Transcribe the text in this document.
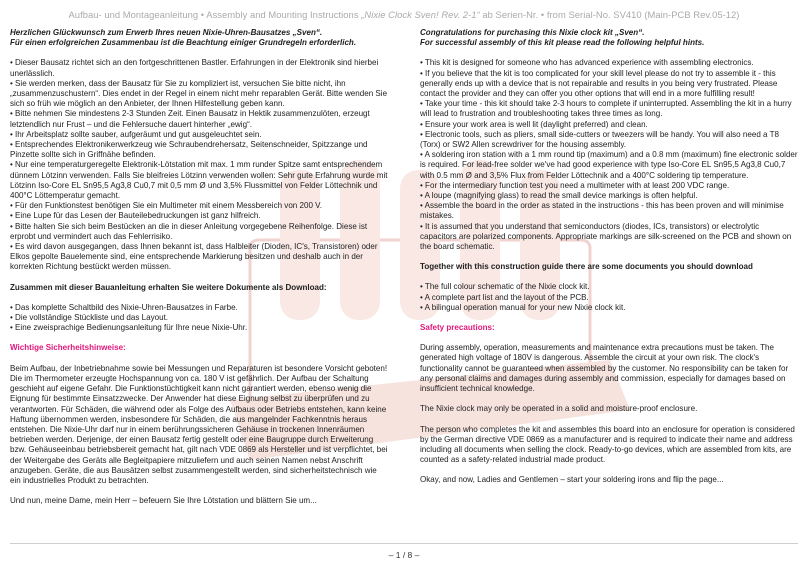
Aufbau- und Montageanleitung • Assembly and Mounting Instructions „Nixie Clock Sven! Rev. 2-1“ ab Serien-Nr. • from Serial-No. SV410 (Main-PCB Rev.05-12)
Herzlichen Glückwunsch zum Erwerb Ihres neuen Nixie-Uhren-Bausatzes „Sven“.
Für einen erfolgreichen Zusammenbau ist die Beachtung einiger Grundregeln erforderlich.
• Dieser Bausatz richtet sich an den fortgeschrittenen Bastler. Erfahrungen in der Elektronik sind hierbei unerlässlich.
• Sie werden merken, dass der Bausatz für Sie zu kompliziert ist, versuchen Sie bitte nicht, ihn „zusammenzuschustern“. Dies endet in der Regel in einem nicht mehr reparablen Gerät. Bitte wenden Sie sich so früh wie möglich an den Anbieter, der Ihnen Hilfestellung geben kann.
• Bitte nehmen Sie mindestens 2-3 Stunden Zeit. Einen Bausatz in Hektik zusammenzulöten, erzeugt letztendlich nur Frust – und die Fehlersuche dauert hinterher „ewig“.
• Ihr Arbeitsplatz sollte sauber, aufgeräumt und gut ausgeleuchtet sein.
• Entsprechendes Elektronikerwerkzeug wie Schraubendrehersatz, Seitenschneider, Spitzzange und Pinzette sollte sich in Griffnähe befinden.
• Nur eine temperaturgeregelte Elektronik-Lötstation mit max. 1 mm runder Spitze samt entsprechendem dünnem Lötzinn verwenden. Falls Sie bleifreies Lötzinn verwenden wollen: Sehr gute Erfahrung wurde mit Lötzinn Iso-Core EL Sn95,5 Ag3,8 Cu0,7 mit 0,5 mm Ø und 3,5% Flussmittel von Felder Löttechnik und 400°C Löttemperatur gemacht.
• Für den Funktionstest benötigen Sie ein Multimeter mit einem Messbereich von 200 V.
• Eine Lupe für das Lesen der Bauteilebedruckungen ist ganz hilfreich.
• Bitte halten Sie sich beim Bestücken an die in dieser Anleitung vorgegebene Reihenfolge. Diese ist erprobt und vermindert auch das Fehlerrisiko.
• Es wird davon ausgegangen, dass Ihnen bekannt ist, dass Halbleiter (Dioden, IC's, Transistoren) oder Elkos gepolte Bauelemente sind, eine entsprechende Markierung besitzen und deshalb auch in der korrekten Richtung bestückt werden müssen.
Zusammen mit dieser Bauanleitung erhalten Sie weitere Dokumente als Download:
• Das komplette Schaltbild des Nixie-Uhren-Bausatzes in Farbe.
• Die vollständige Stückliste und das Layout.
• Eine zweisprachige Bedienungsanleitung für Ihre neue Nixie-Uhr.
Wichtige Sicherheitshinweise:
Beim Aufbau, der Inbetriebnahme sowie bei Messungen und Reparaturen ist besondere Vorsicht geboten! Die im Thermometer erzeugte Hochspannung von ca. 180 V ist gefährlich. Der Aufbau der Schaltung geschieht auf eigene Gefahr. Die Funktionstüchtigkeit kann nicht garantiert werden, ebenso wenig die Eignung für bestimmte Einsatzzwecke. Der Anwender hat diese Eignung selbst zu überprüfen und zu verantworten. Für Schäden, die während oder als Folge des Aufbaus oder Betriebs entstehen, kann keine Haftung übernommen werden, insbesondere für Schäden, die aus mangelnder Fachkenntnis heraus entstehen. Die Nixie-Uhr darf nur in einem berührungssicheren Gehäuse in trockenen Innenräumen betrieben werden. Derjenige, der einen Bausatz fertig gestellt oder eine Baugruppe durch Erweiterung bzw. Gehäuseeinbau betriebsbereit gemacht hat, gilt nach VDE 0869 als Hersteller und ist verpflichtet, bei der Weitergabe des Geräts alle Begleitpapiere mitzuliefern und auch seinen Namen nebst Anschrift anzugeben. Geräte, die aus Bausätzen selbst zusammengestellt werden, sind sicherheitstechnisch wie ein industrielles Produkt zu betrachten.
Und nun, meine Dame, mein Herr – befeuern Sie Ihre Lötstation und blättern Sie um...
Congratulations for purchasing this Nixie clock kit „Sven“.
For successful assembly of this kit please read the following helpful hints.
• This kit is designed for someone who has advanced experience with assembling electronics.
• If you believe that the kit is too complicated for your skill level please do not try to assemble it - this generally ends up with a device that is not repairable and results in you being very frustrated. Please contact the provider and they can offer you other options that will end in a more fulfilling result!
• Take your time - this kit should take 2-3 hours to complete if uninterrupted. Assembling the kit in a hurry will lead to frustration and troubleshooting takes three times as long.
• Ensure your work area is well lit (daylight preferred) and clean.
• Electronic tools, such as pliers, small side-cutters or tweezers will be handy. You will also need a T8 (Torx) or SW2 Allen screwdriver for the housing assembly.
• A soldering iron station with a 1 mm round tip (maximum) and a 0.8 mm (maximum) fine electronic solder is required. For lead-free solder we've had good experience with type Iso-Core EL Sn95,5 Ag3,8 Cu0,7 with 0.5 mm Ø and 3,5% Flux from Felder Löttechnik and a 400°C soldering tip temperature.
• For the intermediary function test you need a multimeter with at least 200 VDC range.
• A loupe (magnifying glass) to read the small device markings is often helpful.
• Assemble the board in the order as stated in the instructions - this has been proven and will minimise mistakes.
• It is assumed that you understand that semiconductors (diodes, ICs, transistors) or electrolytic capacitors are polarized components. Appropriate markings are silk-screened on the PCB and shown on the board schematic.
Together with this construction guide there are some documents you should download
• The full colour schematic of the Nixie clock kit.
• A complete part list and the layout of the PCB.
• A bilingual operation manual for your new Nixie clock kit.
Safety precautions:
During assembly, operation, measurements and maintenance extra precautions must be taken. The generated high voltage of 180V is dangerous. Assemble the circuit at your own risk. The clock's functionality cannot be guaranteed when assembled by the customer. No responsibility can be taken for any personal claims and damages during assembly and commission, especially for damages based on insufficient technical knowledge.
The Nixie clock may only be operated in a solid and moisture-proof enclosure.
The person who completes the kit and assembles this board into an enclosure for operation is considered by the German directive VDE 0869 as a manufacturer and is required to indicate their name and address including all documents when selling the clock. Ready-to-go devices, which are assembled from kits, are counted as a safety-related industrial made product.
Okay, and now, Ladies and Gentlemen – start your soldering irons and flip the page...
– 1 / 8 –
